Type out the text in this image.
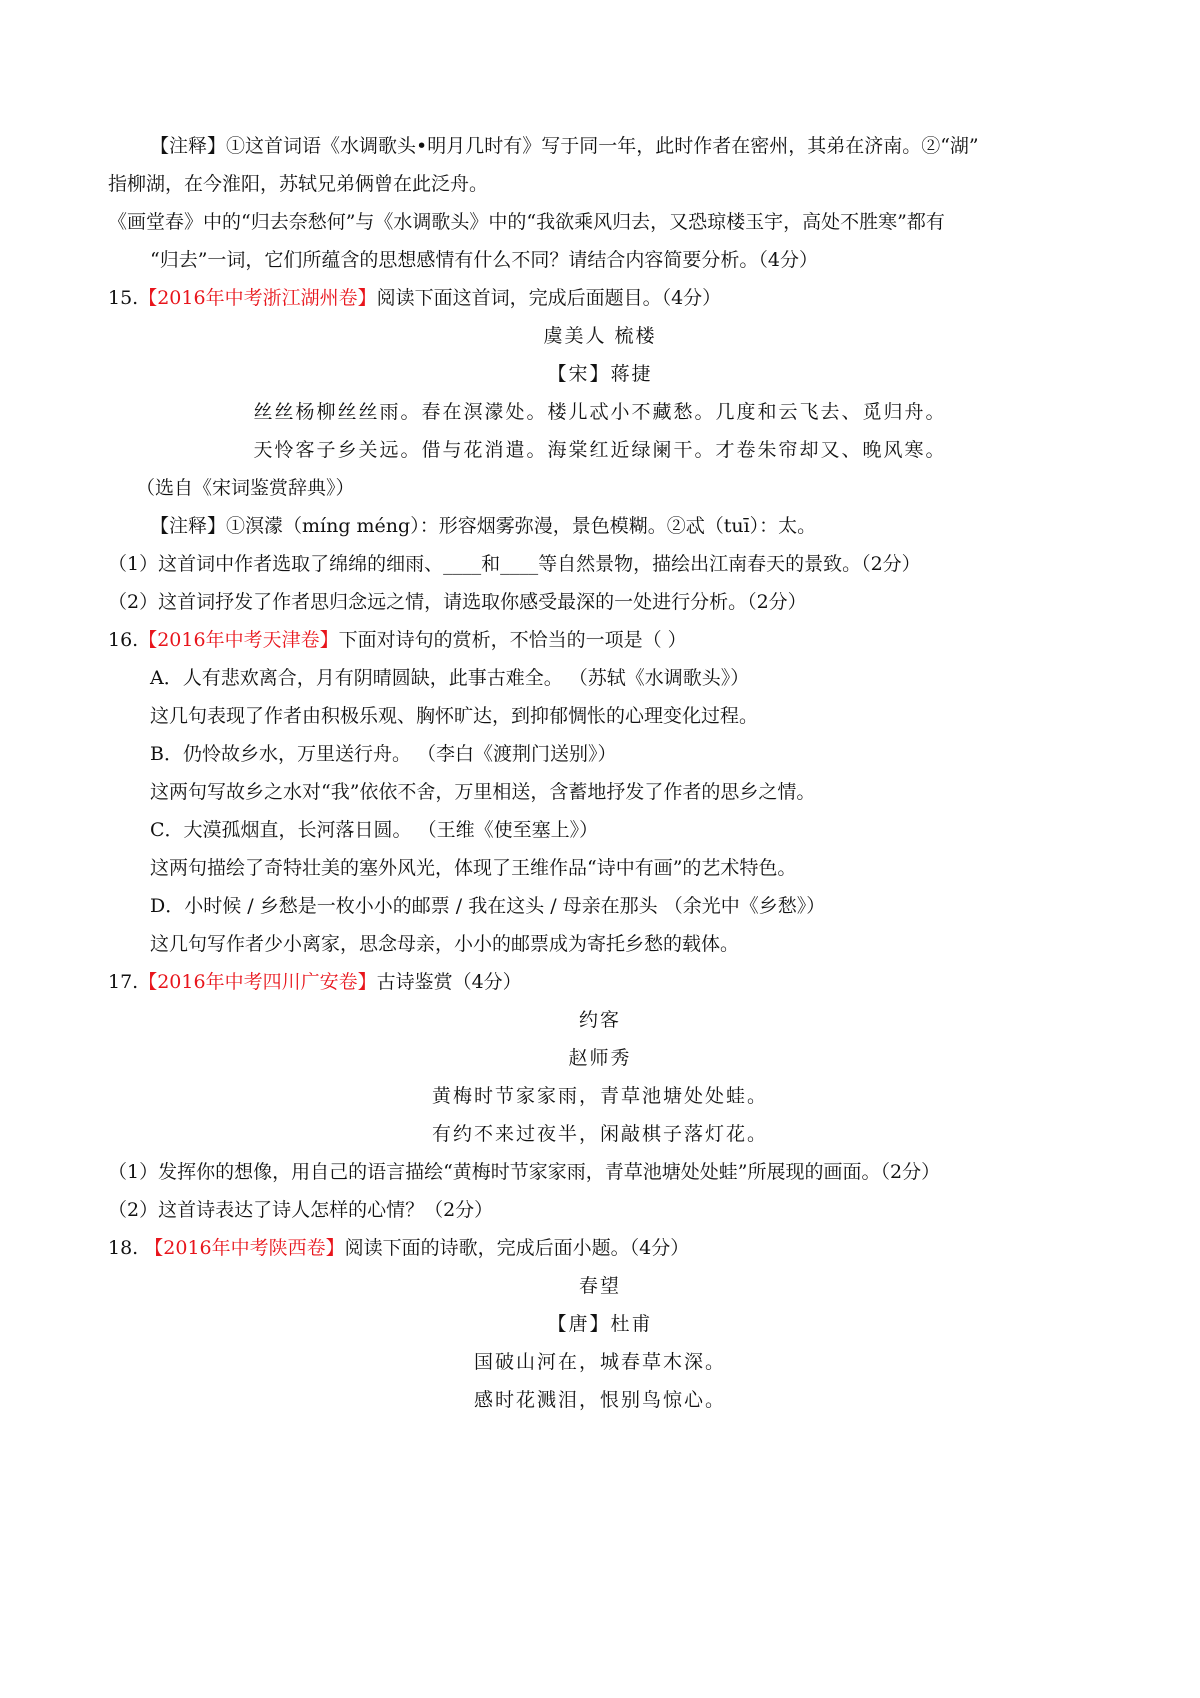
【注释】①这首词语《水调歌头•明月几时有》写于同一年，此时作者在密州，其弟在济南。②“湖”
指柳湖，在今淮阳，苏轼兄弟俩曾在此泛舟。
《画堂春》中的“归去奈愁何”与《水调歌头》中的“我欲乘风归去，又恐琼楼玉宇，高处不胜寒”都有
“归去”一词，它们所蕴含的思想感情有什么不同？请结合内容简要分析。（4分）
15.【2016年中考浙江湖州卷】阅读下面这首词，完成后面题目。（4分）
虞美人 梳楼
【宋】蒋捷
丝丝杨柳丝丝雨。春在溟濛处。楼儿忒小不藏愁。几度和云飞去、觅归舟。
天怜客子乡关远。借与花消遣。海棠红近绿阑干。才卷朱帘却又、晚风寒。
（选自《宋词鉴赏辞典》）
【注释】①溟濛（míng méng）：形容烟雾弥漫，景色模糊。②忒（tuī）：太。
（1）这首词中作者选取了绵绵的细雨、____和____等自然景物，描绘出江南春天的景致。（2分）
（2）这首词抒发了作者思归念远之情，请选取你感受最深的一处进行分析。（2分）
16.【2016年中考天津卷】下面对诗句的赏析，不恰当的一项是（ ）
A．人有悲欢离合，月有阴晴圆缺，此事古难全。 （苏轼《水调歌头》）
这几句表现了作者由积极乐观、胸怀旷达，到抑郁惆怅的心理变化过程。
B．仍怜故乡水，万里送行舟。 （李白《渡荆门送别》）
这两句写故乡之水对“我”依依不舍，万里相送，含蓄地抒发了作者的思乡之情。
C．大漠孤烟直，长河落日圆。 （王维《使至塞上》）
这两句描绘了奇特壮美的塞外风光，体现了王维作品“诗中有画”的艺术特色。
D．小时候 / 乡愁是一枚小小的邮票 / 我在这头 / 母亲在那头 （余光中《乡愁》）
这几句写作者少小离家，思念母亲，小小的邮票成为寄托乡愁的载体。
17.【2016年中考四川广安卷】古诗鉴赏（4分）
约客
赵师秀
黄梅时节家家雨，青草池塘处处蛙。
有约不来过夜半，闲敲棋子落灯花。
（1）发挥你的想像，用自己的语言描绘“黄梅时节家家雨，青草池塘处处蛙”所展现的画面。（2分）
（2）这首诗表达了诗人怎样的心情？（2分）
18. 【2016年中考陕西卷】阅读下面的诗歌，完成后面小题。（4分）
春望
【唐】杜甫
国破山河在，城春草木深。
感时花溅泪，恨别鸟惊心。
